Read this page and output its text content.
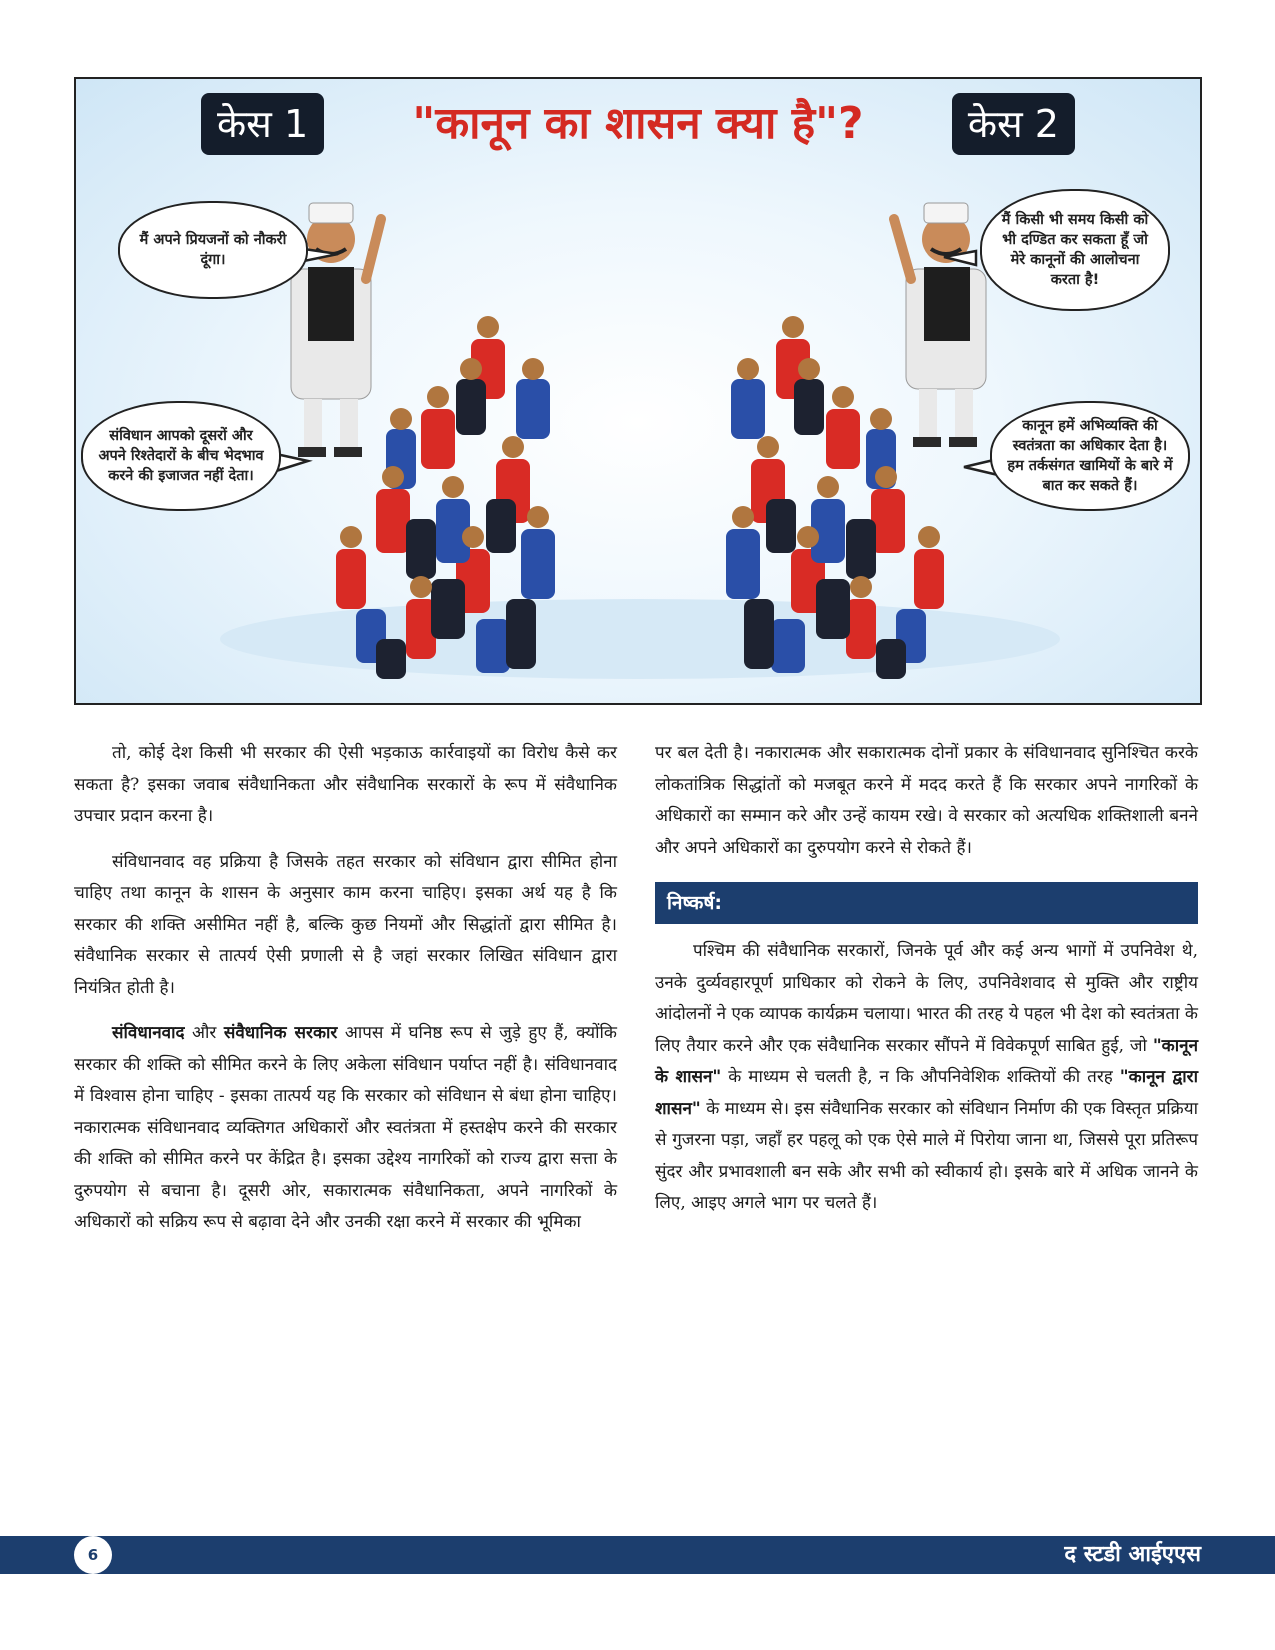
केस 1	"कानून का शासन क्या है"?	केस 2
मैं अपने प्रियजनों को नौकरी दूंगा।
मैं किसी भी समय किसी को भी दण्डित कर सकता हूँ जो मेरे कानूनों की आलोचना करता है!
संविधान आपको दूसरों और अपने रिश्तेदारों के बीच भेदभाव करने की इजाजत नहीं देता।
कानून हमें अभिव्यक्ति की स्वतंत्रता का अधिकार देता है। हम तर्कसंगत खामियों के बारे में बात कर सकते हैं।

तो, कोई देश किसी भी सरकार की ऐसी भड़काऊ कार्रवाइयों का विरोध कैसे कर सकता है? इसका जवाब संवैधानिकता और संवैधानिक सरकारों के रूप में संवैधानिक उपचार प्रदान करना है।

संविधानवाद वह प्रक्रिया है जिसके तहत सरकार को संविधान द्वारा सीमित होना चाहिए तथा कानून के शासन के अनुसार काम करना चाहिए। इसका अर्थ यह है कि सरकार की शक्ति असीमित नहीं है, बल्कि कुछ नियमों और सिद्धांतों द्वारा सीमित है। संवैधानिक सरकार से तात्पर्य ऐसी प्रणाली से है जहां सरकार लिखित संविधान द्वारा नियंत्रित होती है।

संविधानवाद और संवैधानिक सरकार आपस में घनिष्ठ रूप से जुड़े हुए हैं, क्योंकि सरकार की शक्ति को सीमित करने के लिए अकेला संविधान पर्याप्त नहीं है। संविधानवाद में विश्वास होना चाहिए - इसका तात्पर्य यह कि सरकार को संविधान से बंधा होना चाहिए। नकारात्मक संविधानवाद व्यक्तिगत अधिकारों और स्वतंत्रता में हस्तक्षेप करने की सरकार की शक्ति को सीमित करने पर केंद्रित है। इसका उद्देश्य नागरिकों को राज्य द्वारा सत्ता के दुरुपयोग से बचाना है। दूसरी ओर, सकारात्मक संवैधानिकता, अपने नागरिकों के अधिकारों को सक्रिय रूप से बढ़ावा देने और उनकी रक्षा करने में सरकार की भूमिका

पर बल देती है। नकारात्मक और सकारात्मक दोनों प्रकार के संविधानवाद सुनिश्चित करके लोकतांत्रिक सिद्धांतों को मजबूत करने में मदद करते हैं कि सरकार अपने नागरिकों के अधिकारों का सम्मान करे और उन्हें कायम रखे। वे सरकार को अत्यधिक शक्तिशाली बनने और अपने अधिकारों का दुरुपयोग करने से रोकते हैं।

निष्कर्ष:

पश्चिम की संवैधानिक सरकारों, जिनके पूर्व और कई अन्य भागों में उपनिवेश थे, उनके दुर्व्यवहारपूर्ण प्राधिकार को रोकने के लिए, उपनिवेशवाद से मुक्ति और राष्ट्रीय आंदोलनों ने एक व्यापक कार्यक्रम चलाया। भारत की तरह ये पहल भी देश को स्वतंत्रता के लिए तैयार करने और एक संवैधानिक सरकार सौंपने में विवेकपूर्ण साबित हुई, जो "कानून के शासन" के माध्यम से चलती है, न कि औपनिवेशिक शक्तियों की तरह "कानून द्वारा शासन" के माध्यम से। इस संवैधानिक सरकार को संविधान निर्माण की एक विस्तृत प्रक्रिया से गुजरना पड़ा, जहाँ हर पहलू को एक ऐसे माले में पिरोया जाना था, जिससे पूरा प्रतिरूप सुंदर और प्रभावशाली बन सके और सभी को स्वीकार्य हो। इसके बारे में अधिक जानने के लिए, आइए अगले भाग पर चलते हैं।

6	द स्टडी आईएएस
